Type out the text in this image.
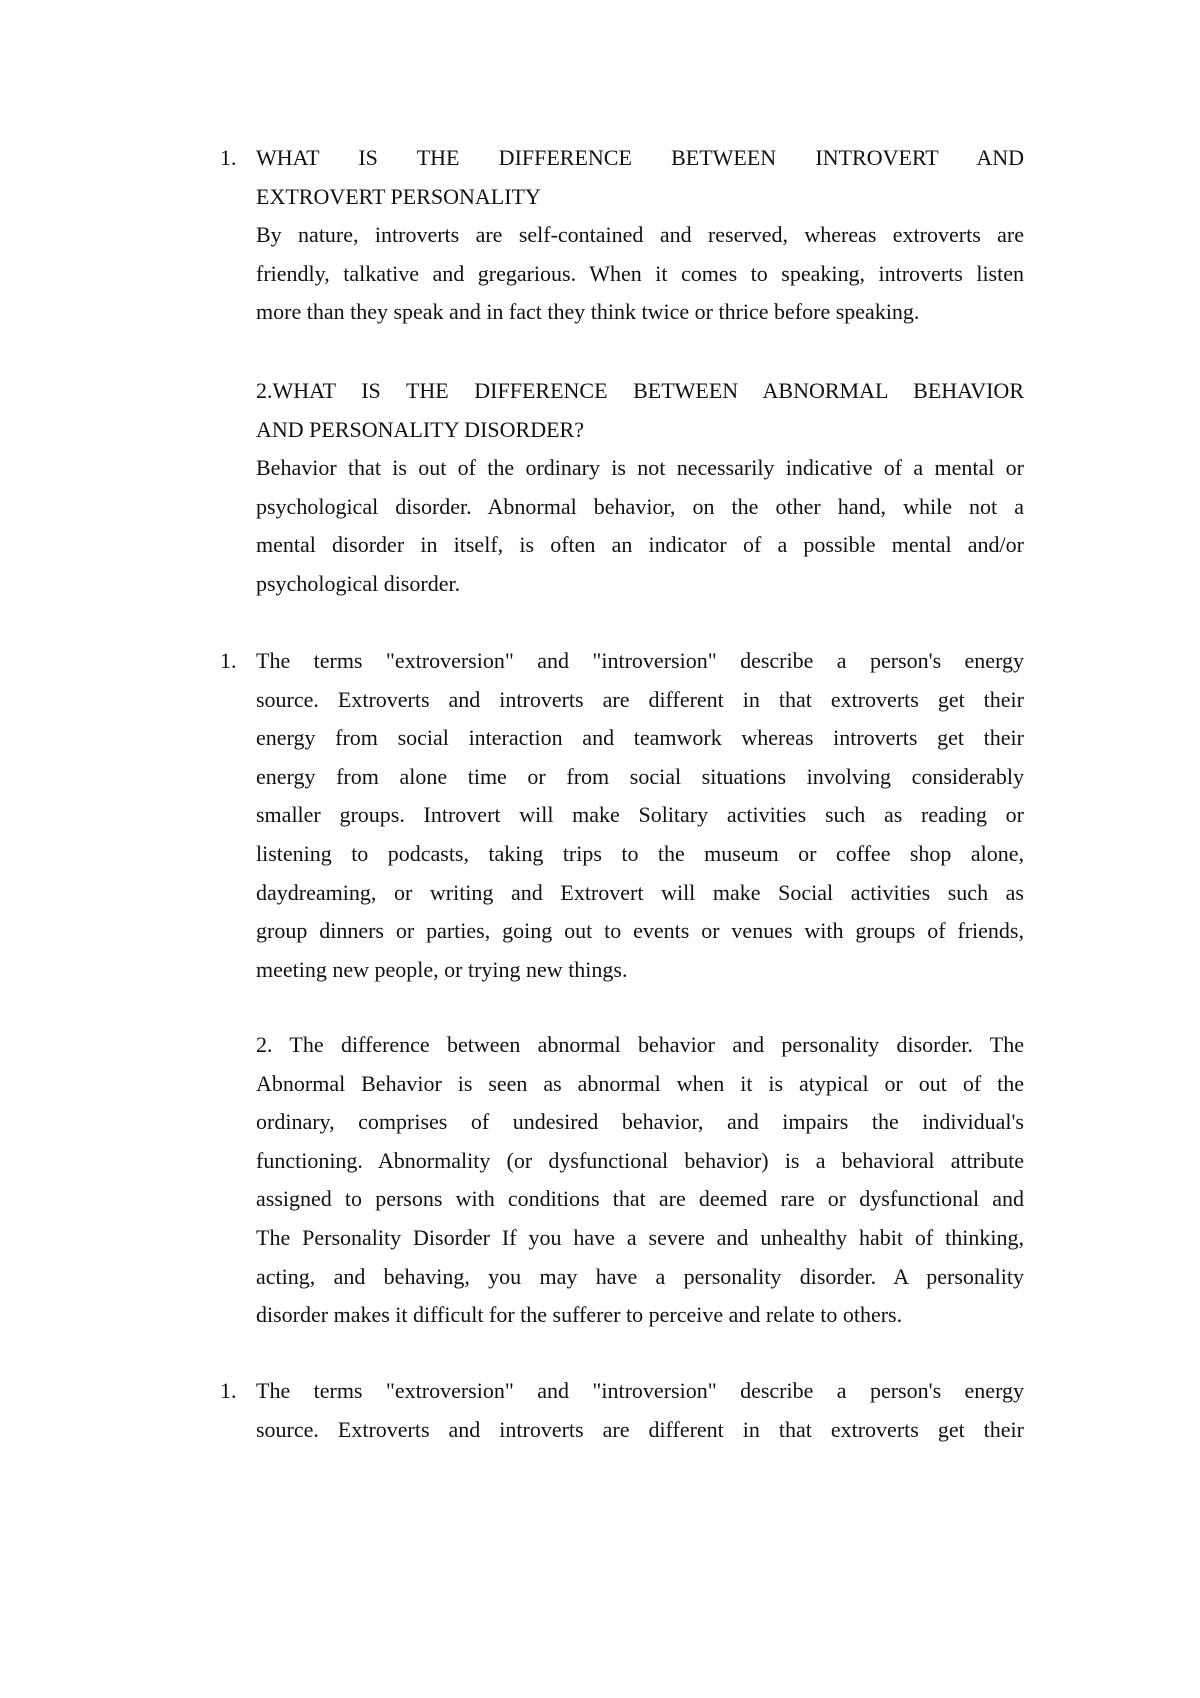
1. WHAT IS THE DIFFERENCE BETWEEN INTROVERT AND
EXTROVERT PERSONALITY
By nature, introverts are self-contained and reserved, whereas extroverts are
friendly, talkative and gregarious. When it comes to speaking, introverts listen
more than they speak and in fact they think twice or thrice before speaking.
2.WHAT IS THE DIFFERENCE BETWEEN ABNORMAL BEHAVIOR
AND PERSONALITY DISORDER?
Behavior that is out of the ordinary is not necessarily indicative of a mental or
psychological disorder. Abnormal behavior, on the other hand, while not a
mental disorder in itself, is often an indicator of a possible mental and/or
psychological disorder.
1. The terms "extroversion" and "introversion" describe a person's energy
source. Extroverts and introverts are different in that extroverts get their
energy from social interaction and teamwork whereas introverts get their
energy from alone time or from social situations involving considerably
smaller groups. Introvert will make Solitary activities such as reading or
listening to podcasts, taking trips to the museum or coffee shop alone,
daydreaming, or writing and Extrovert will make Social activities such as
group dinners or parties, going out to events or venues with groups of friends,
meeting new people, or trying new things.
2. The difference between abnormal behavior and personality disorder. The
Abnormal Behavior is seen as abnormal when it is atypical or out of the
ordinary, comprises of undesired behavior, and impairs the individual's
functioning. Abnormality (or dysfunctional behavior) is a behavioral attribute
assigned to persons with conditions that are deemed rare or dysfunctional and
The Personality Disorder If you have a severe and unhealthy habit of thinking,
acting, and behaving, you may have a personality disorder. A personality
disorder makes it difficult for the sufferer to perceive and relate to others.
1. The terms "extroversion" and "introversion" describe a person's energy
source. Extroverts and introverts are different in that extroverts get their
